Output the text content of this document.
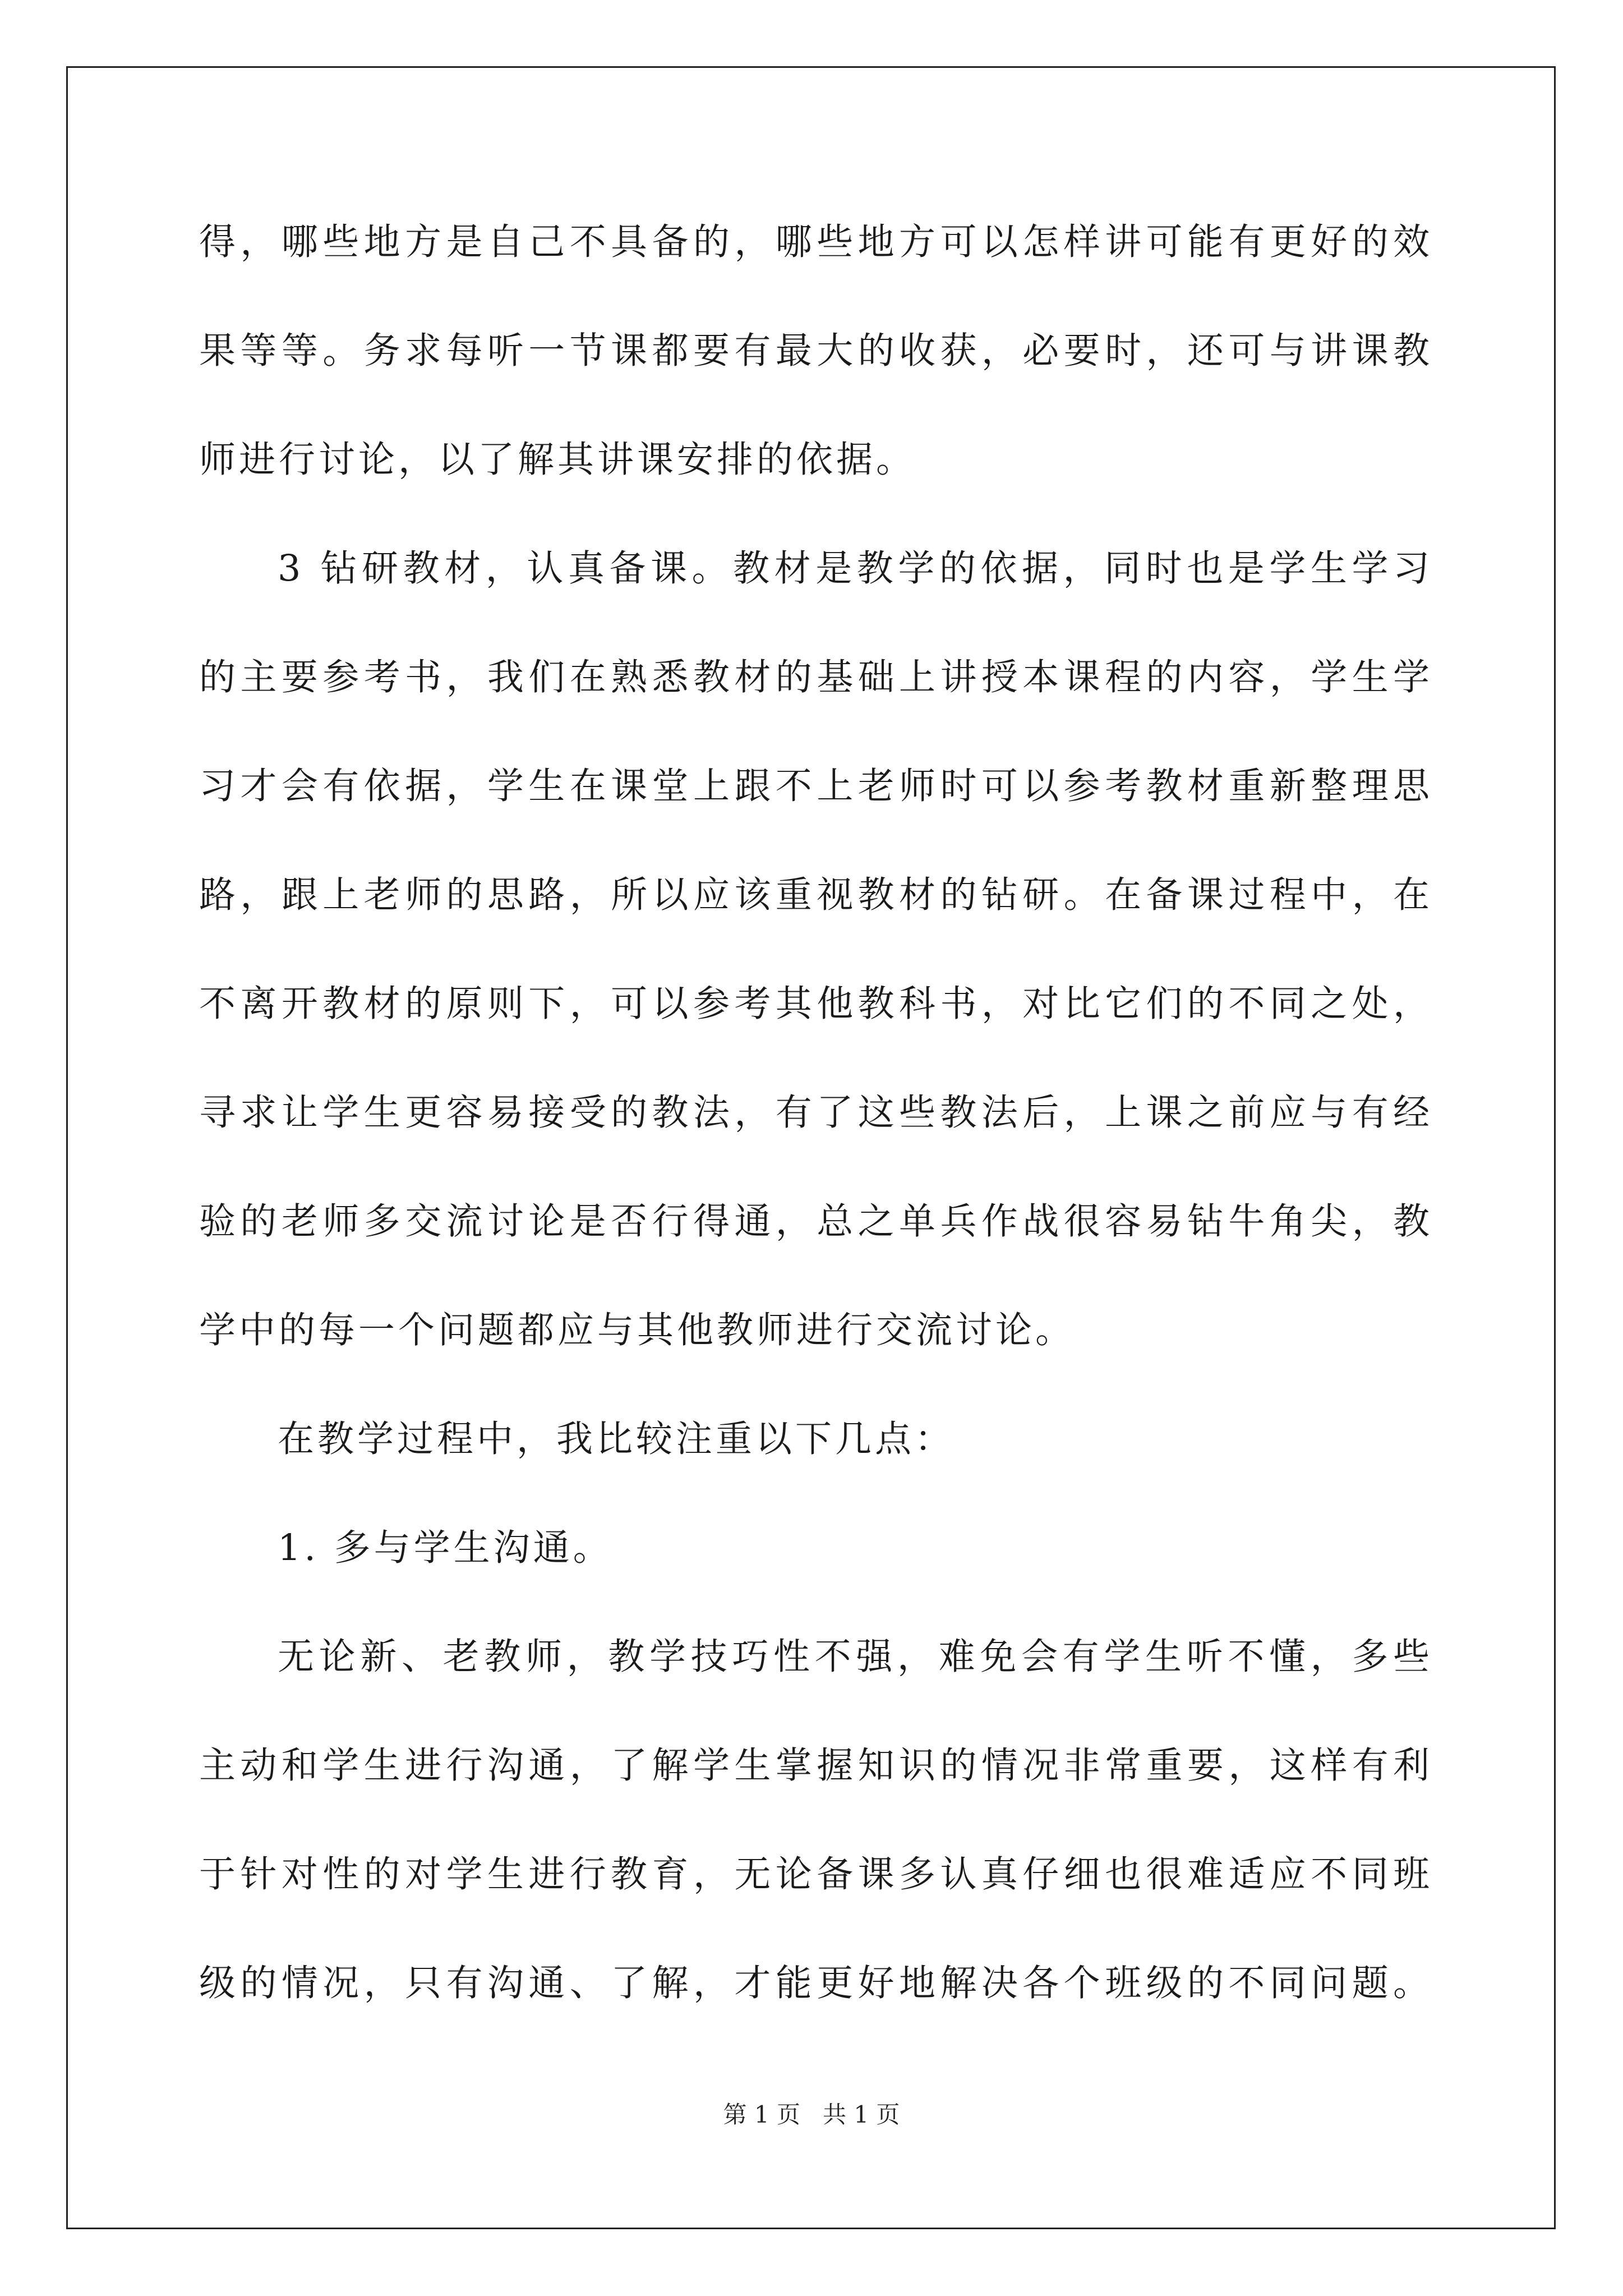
得，哪些地方是自己不具备的，哪些地方可以怎样讲可能有更好的效
果等等。务求每听一节课都要有最大的收获，必要时，还可与讲课教
师进行讨论，以了解其讲课安排的依据。
3 钻研教材，认真备课。教材是教学的依据，同时也是学生学习
的主要参考书，我们在熟悉教材的基础上讲授本课程的内容，学生学
习才会有依据，学生在课堂上跟不上老师时可以参考教材重新整理思
路，跟上老师的思路，所以应该重视教材的钻研。在备课过程中，在
不离开教材的原则下，可以参考其他教科书，对比它们的不同之处，
寻求让学生更容易接受的教法，有了这些教法后，上课之前应与有经
验的老师多交流讨论是否行得通，总之单兵作战很容易钻牛角尖，教
学中的每一个问题都应与其他教师进行交流讨论。
在教学过程中，我比较注重以下几点：
1. 多与学生沟通。
无论新、老教师，教学技巧性不强，难免会有学生听不懂，多些
主动和学生进行沟通，了解学生掌握知识的情况非常重要，这样有利
于针对性的对学生进行教育，无论备课多认真仔细也很难适应不同班
级的情况，只有沟通、了解，才能更好地解决各个班级的不同问题。
第 1 页 共 1 页
